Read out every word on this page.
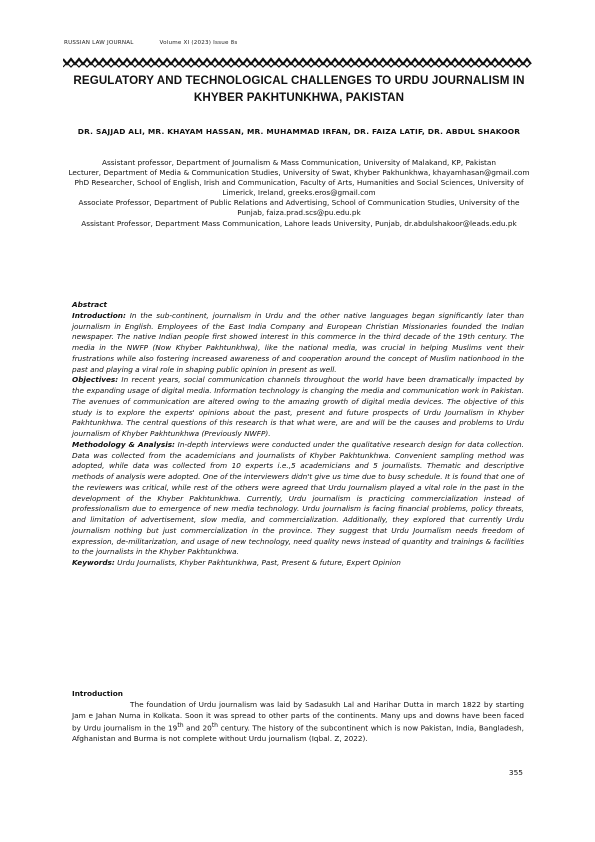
RUSSIAN LAW JOURNAL	Volume XI (2023) Issue 8s
REGULATORY AND TECHNOLOGICAL CHALLENGES TO URDU JOURNALISM IN KHYBER PAKHTUNKHWA, PAKISTAN
DR. SAJJAD ALI, MR. KHAYAM HASSAN, MR. MUHAMMAD IRFAN, DR. FAIZA LATIF, DR. ABDUL SHAKOOR

Assistant professor, Department of Journalism & Mass Communication, University of Malakand, KP, Pakistan

Lecturer, Department of Media & Communication Studies, University of Swat, Khyber Pakhunkhwa, khayamhasan@gmail.com

PhD Researcher, School of English, Irish and Communication, Faculty of Arts, Humanities and Social Sciences, University of Limerick, Ireland, greeks.eros@gmail.com

Associate Professor, Department of Public Relations and Advertising, School of Communication Studies, University of the Punjab, faiza.prad.scs@pu.edu.pk

Assistant Professor, Department Mass Communication, Lahore leads University, Punjab, dr.abdulshakoor@leads.edu.pk

Abstract

Introduction: In the sub-continent, journalism in Urdu and the other native languages began significantly later than journalism in English. Employees of the East India Company and European Christian Missionaries founded the Indian newspaper. The native Indian people first showed interest in this commerce in the third decade of the 19th century. The media in the NWFP (Now Khyber Pakhtunkhwa), like the national media, was crucial in helping Muslims vent their frustrations while also fostering increased awareness of and cooperation around the concept of Muslim nationhood in the past and playing a viral role in shaping public opinion in present as well.

Objectives: In recent years, social communication channels throughout the world have been dramatically impacted by the expanding usage of digital media. Information technology is changing the media and communication work in Pakistan. The avenues of communication are altered owing to the amazing growth of digital media devices. The objective of this study is to explore the experts' opinions about the past, present and future prospects of Urdu Journalism in Khyber Pakhtunkhwa. The central questions of this research is that what were, are and will be the causes and problems to Urdu journalism of Khyber Pakhtunkhwa (Previously NWFP).

Methodology & Analysis: In-depth interviews were conducted under the qualitative research design for data collection. Data was collected from the academicians and journalists of Khyber Pakhtunkhwa. Convenient sampling method was adopted, while data was collected from 10 experts i.e.,5 academicians and 5 journalists. Thematic and descriptive methods of analysis were adopted. One of the interviewers didn't give us time due to busy schedule. It is found that one of the reviewers was critical, while rest of the others were agreed that Urdu Journalism played a vital role in the past in the development of the Khyber Pakhtunkhwa. Currently, Urdu journalism is practicing commercialization instead of professionalism due to emergence of new media technology. Urdu journalism is facing financial problems, policy threats, and limitation of advertisement, slow media, and commercialization. Additionally, they explored that currently Urdu journalism nothing but just commercialization in the province. They suggest that Urdu Journalism needs freedom of expression, de-militarization, and usage of new technology, need quality news instead of quantity and trainings & facilities to the journalists in the Khyber Pakhtunkhwa.

Keywords: Urdu Journalists, Khyber Pakhtunkhwa, Past, Present & future, Expert Opinion

Introduction

The foundation of Urdu journalism was laid by Sadasukh Lal and Harihar Dutta in march 1822 by starting Jam e Jahan Numa in Kolkata. Soon it was spread to other parts of the continents. Many ups and downs have been faced by Urdu journalism in the 19th and 20th century. The history of the subcontinent which is now Pakistan, India, Bangladesh, Afghanistan and Burma is not complete without Urdu journalism (Iqbal. Z, 2022).

355
